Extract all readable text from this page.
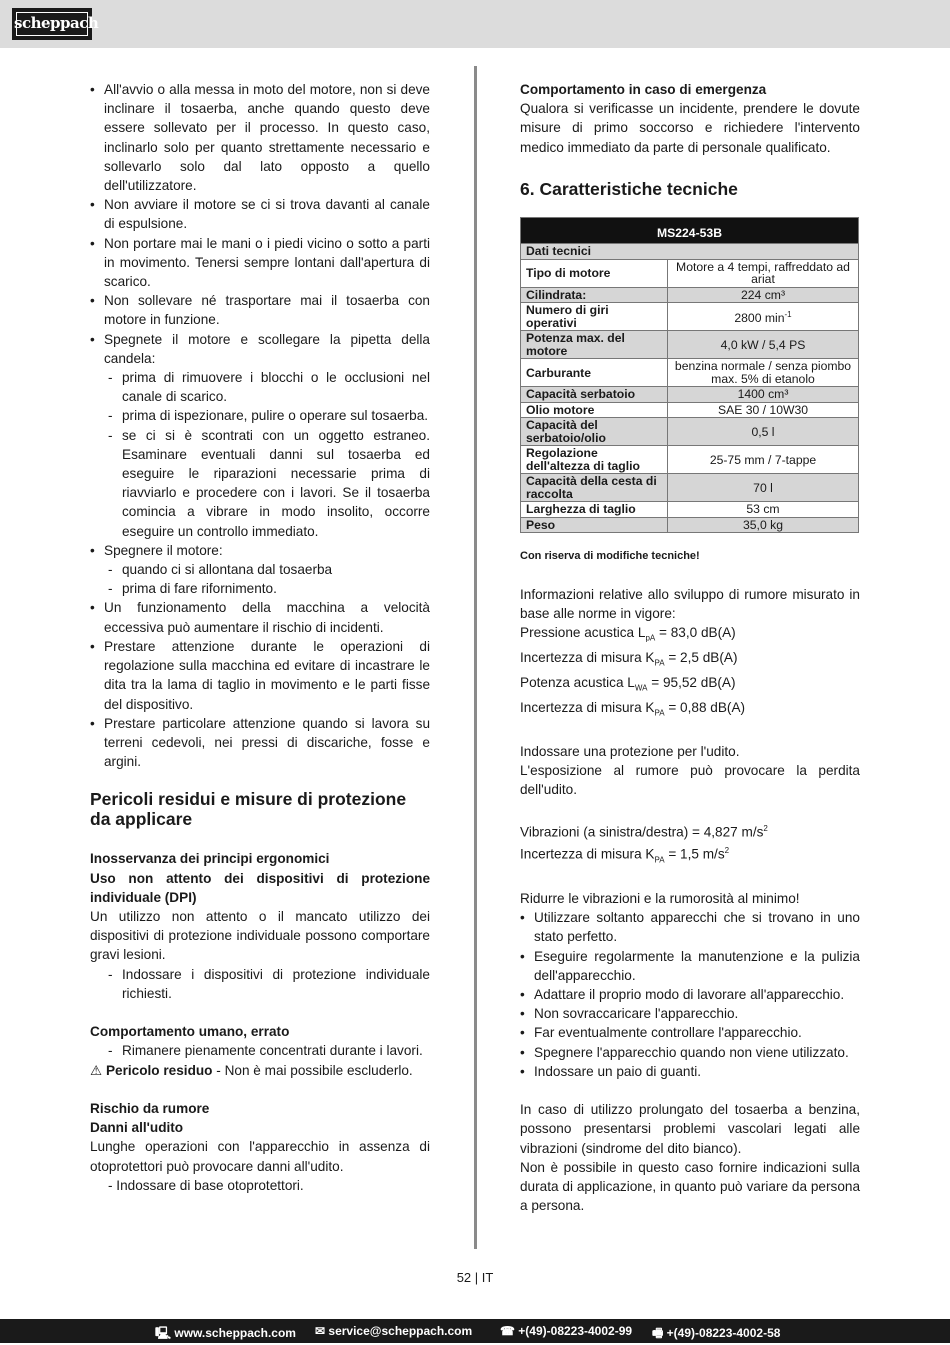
scheppach
• All'avvio o alla messa in moto del motore, non si deve inclinare il tosaerba, anche quando questo deve essere sollevato per il processo. In questo caso, inclinarlo solo per quanto strettamente necessario e sollevarlo solo dal lato opposto a quello dell'utilizzatore.
• Non avviare il motore se ci si trova davanti al canale di espulsione.
• Non portare mai le mani o i piedi vicino o sotto a parti in movimento. Tenersi sempre lontani dall'apertura di scarico.
• Non sollevare né trasportare mai il tosaerba con motore in funzione.
• Spegnete il motore e scollegare la pipetta della candela:
- prima di rimuovere i blocchi o le occlusioni nel canale di scarico.
- prima di ispezionare, pulire o operare sul tosaerba.
- se ci si è scontrati con un oggetto estraneo. Esaminare eventuali danni sul tosaerba ed eseguire le riparazioni necessarie prima di riavviarlo e procedere con i lavori. Se il tosaerba comincia a vibrare in modo insolito, occorre eseguire un controllo immediato.
• Spegnere il motore:
- quando ci si allontana dal tosaerba
- prima di fare rifornimento.
• Un funzionamento della macchina a velocità eccessiva può aumentare il rischio di incidenti.
• Prestare attenzione durante le operazioni di regolazione sulla macchina ed evitare di incastrare le dita tra la lama di taglio in movimento e le parti fisse del dispositivo.
• Prestare particolare attenzione quando si lavora su terreni cedevoli, nei pressi di discariche, fosse e argini.
Pericoli residui e misure di protezione da applicare
Inosservanza dei principi ergonomici
Uso non attento dei dispositivi di protezione individuale (DPI)
Un utilizzo non attento o il mancato utilizzo dei dispositivi di protezione individuale possono comportare gravi lesioni.
- Indossare i dispositivi di protezione individuale richiesti.
Comportamento umano, errato
- Rimanere pienamente concentrati durante i lavori.
⚠ Pericolo residuo - Non è mai possibile escluderlo.
Rischio da rumore
Danni all'udito
Lunghe operazioni con l'apparecchio in assenza di otoprotettori può provocare danni all'udito.
- Indossare di base otoprotettori.
Comportamento in caso di emergenza
Qualora si verificasse un incidente, prendere le dovute misure di primo soccorso e richiedere l'intervento medico immediato da parte di personale qualificato.
6. Caratteristiche tecniche
MS224-53B	
Dati tecnici	
Tipo di motore	Motore a 4 tempi, raffreddato ad ariat
Cilindrata:	224 cm³
Numero di giri operativi	2800 $\min^{-1}$
Potenza max. del motore	4,0 kW / 5,4 PS
Carburante	benzina normale / senza piombo max. 5% di etanolo
Capacità serbatoio	1400 cm³
Olio motore	SAE 30 / 10W30
Capacità del serbatoio/olio	0,5 l
Regolazione dell'altezza di taglio	25-75 mm / 7-tappe
Capacità della cesta di raccolta	70 l
Larghezza di taglio	53 cm
Peso	35,0 kg
Con riserva di modifiche tecniche!
Informazioni relative allo sviluppo di rumore misurato in base alle norme in vigore:
Pressione acustica $L_{pA} = 83,0$ dB(A)
Incertezza di misura $K_{PA} = 2,5$ dB(A)
Potenza acustica $L_{WA} = 95,52$ dB(A)
Incertezza di misura $K_{PA} = 0,88$ dB(A)
Indossare una protezione per l'udito.
L'esposizione al rumore può provocare la perdita dell'udito.
Vibrazioni (a sinistra/destra) = 4,827 $m/s^2$
Incertezza di misura $K_{PA} = 1,5$ $m/s^2$
Ridurre le vibrazioni e la rumorosità al minimo!
• Utilizzare soltanto apparecchi che si trovano in uno stato perfetto.
• Eseguire regolarmente la manutenzione e la pulizia dell'apparecchio.
• Adattare il proprio modo di lavorare all'apparecchio.
• Non sovraccaricare l'apparecchio.
• Far eventualmente controllare l'apparecchio.
• Spegnere l'apparecchio quando non viene utilizzato.
• Indossare un paio di guanti.
In caso di utilizzo prolungato del tosaerba a benzina, possono presentarsi problemi vascolari legati alle vibrazioni (sindrome del dito bianco).
Non è possibile in questo caso fornire indicazioni sulla durata di applicazione, in quanto può variare da persona a persona.
52 | IT
🖳 www.scheppach.com ✉ service@scheppach.com ☎ +(49)-08223-4002-99 🖷 +(49)-08223-4002-58
